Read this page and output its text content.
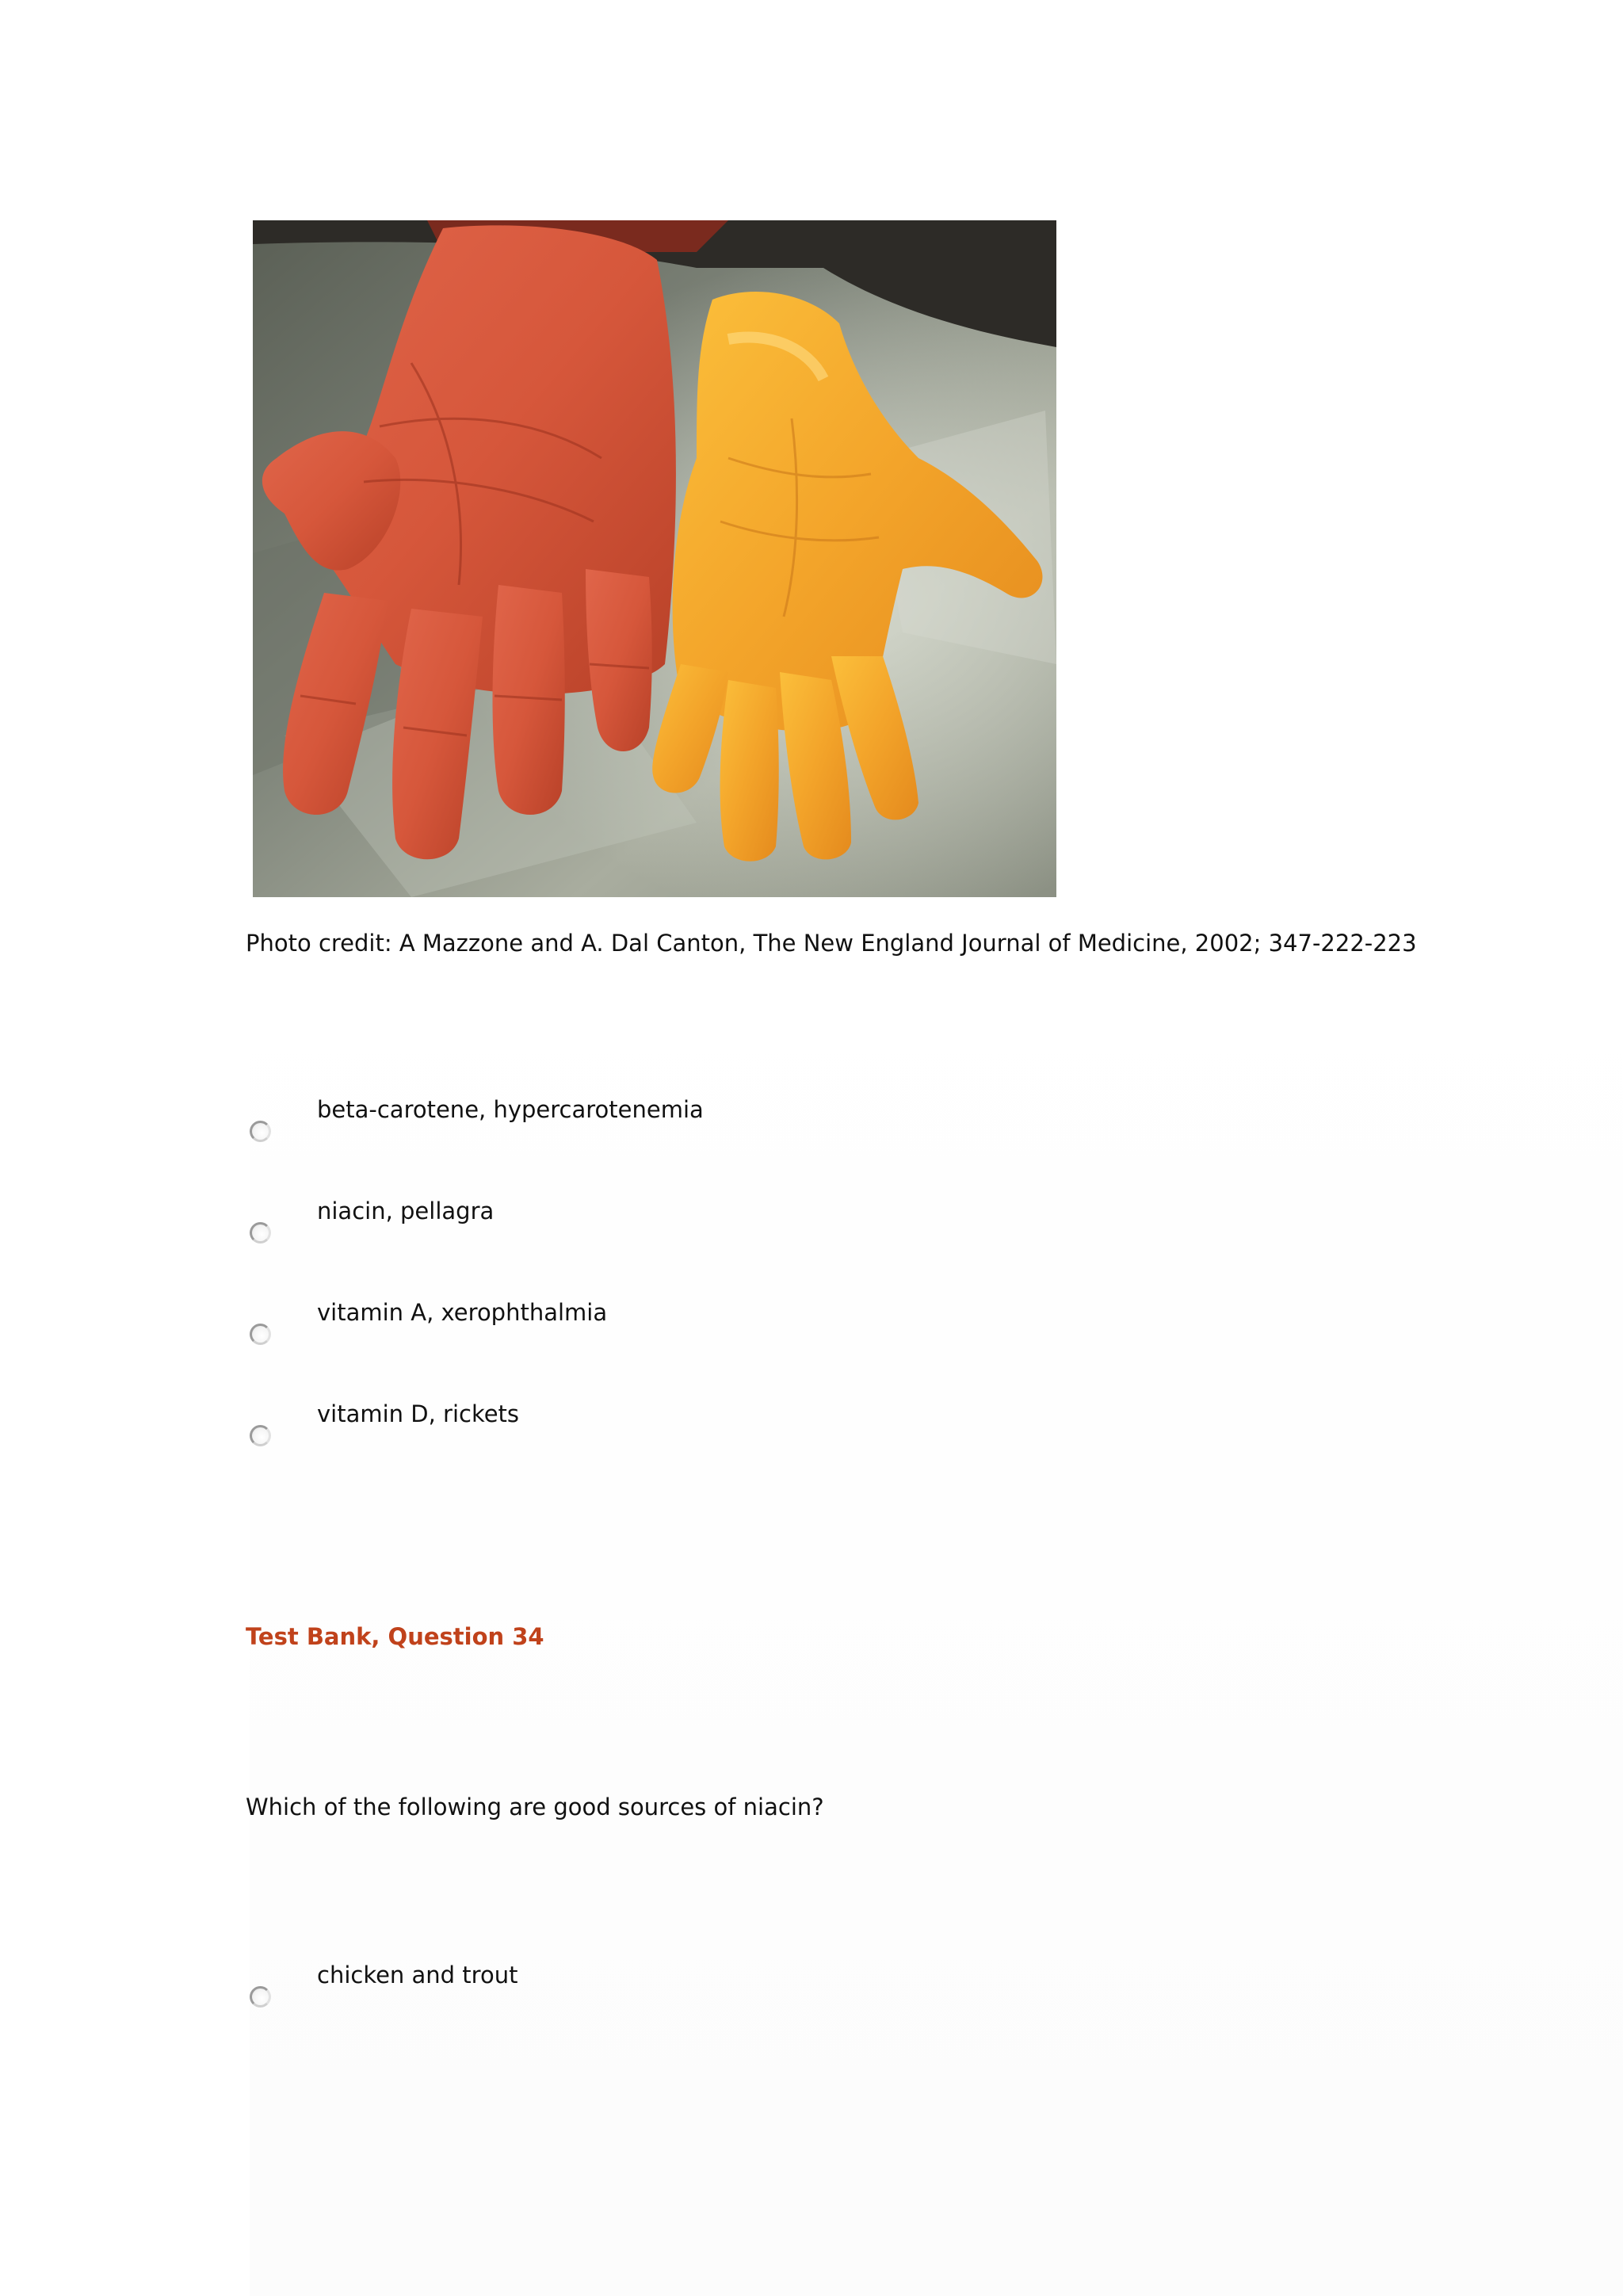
Photo credit: A Mazzone and A. Dal Canton, The New England Journal of Medicine, 2002; 347-222-223
beta-carotene, hypercarotenemia
niacin, pellagra
vitamin A, xerophthalmia
vitamin D, rickets
Test Bank, Question 34
Which of the following are good sources of niacin?
chicken and trout
